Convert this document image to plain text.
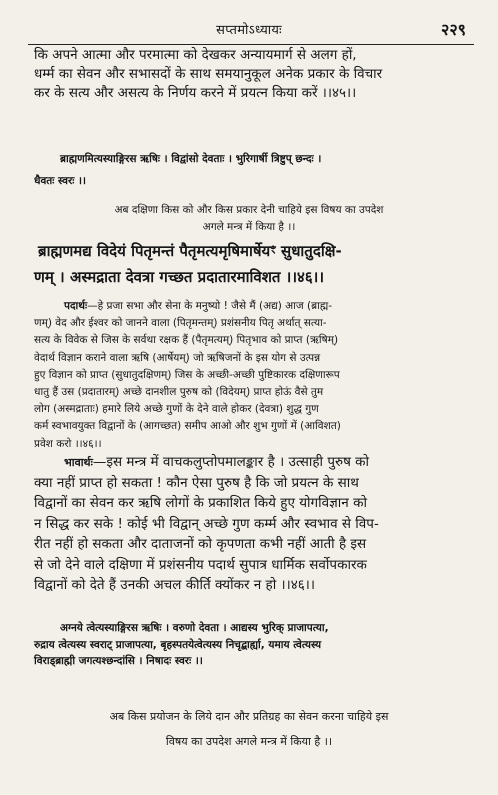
सप्तमोऽध्यायः	२२९
कि अपने आत्मा और परमात्मा को देखकर अन्यायमार्ग से अलग हों,
धर्म्म का सेवन और सभासदों के साथ समयानुकूल अनेक प्रकार के विचार
कर के सत्य और असत्य के निर्णय करने में प्रयत्न किया करें ।।४५।।
ब्राह्मणमित्यस्याङ्गिरस ऋषिः । विद्वांसो देवताः । भुरिगार्षी त्रिष्टुप् छन्दः ।
धैवतः स्वरः ।।
अब दक्षिणा किस को और किस प्रकार देनी चाहिये इस विषय का उपदेश
अगले मन्त्र में किया है ।।
ब्राह्मणमद्य विदेयं पितृमन्तं पैतृमत्यमृषिमार्षेयꣳ सुधातुदक्षि-
णम् । अस्मद्राता देवत्रा गच्छत प्रदातारमाविशत ।।४६।।
पदार्थः—हे प्रजा सभा और सेना के मनुष्यो ! जैसे मैं (अद्य) आज (ब्राह्म-
णम्) वेद और ईश्वर को जानने वाला (पितृमन्तम्) प्रशंसनीय पितृ अर्थात् सत्या-
सत्य के विवेक से जिस के सर्वथा रक्षक हैं (पैतृमत्यम्) पितृभाव को प्राप्त (ऋषिम्)
वेदार्थ विज्ञान कराने वाला ऋषि (आर्षेयम्) जो ऋषिजनों के इस योग से उत्पन्न
हुए विज्ञान को प्राप्त (सुधातुदक्षिणम्) जिस के अच्छी-अच्छी पुष्टिकारक दक्षिणारूप
धातु हैं उस (प्रदातारम्) अच्छे दानशील पुरुष को (विदेयम्) प्राप्त होऊं वैसे तुम
लोग (अस्मद्राताः) हमारे लिये अच्छे गुणों के देने वाले होकर (देवत्रा) शुद्ध गुण
कर्म स्वभावयुक्त विद्वानों के (आगच्छत) समीप आओ और शुभ गुणों में (आविशत)
प्रवेश करो ।।४६।।
भावार्थः—इस मन्त्र में वाचकलुप्तोपमालङ्कार है । उत्साही पुरुष को
क्या नहीं प्राप्त हो सकता ! कौन ऐसा पुरुष है कि जो प्रयत्न के साथ
विद्वानों का सेवन कर ऋषि लोगों के प्रकाशित किये हुए योगविज्ञान को
न सिद्ध कर सके ! कोई भी विद्वान् अच्छे गुण कर्म्म और स्वभाव से विप-
रीत नहीं हो सकता और दाताजनों को कृपणता कभी नहीं आती है इस
से जो देने वाले दक्षिणा में प्रशंसनीय पदार्थ सुपात्र धार्मिक सर्वोपकारक
विद्वानों को देते हैं उनकी अचल कीर्ति क्योंकर न हो ।।४६।।
अग्नये त्वेत्यस्याङ्गिरस ऋषिः । वरुणो देवता । आद्यस्य भुरिक् प्राजापत्या,
रुद्राय त्वेत्यस्य स्वराट् प्राजापत्या, बृहस्पतयेत्वेत्यस्य निचृद्बार्ह्या, यमाय त्वेत्यस्य
विराड्ब्राह्मी जगत्यश्छन्दांसि । निषादः स्वरः ।।
अब किस प्रयोजन के लिये दान और प्रतिग्रह का सेवन करना चाहिये इस
विषय का उपदेश अगले मन्त्र में किया है ।।
